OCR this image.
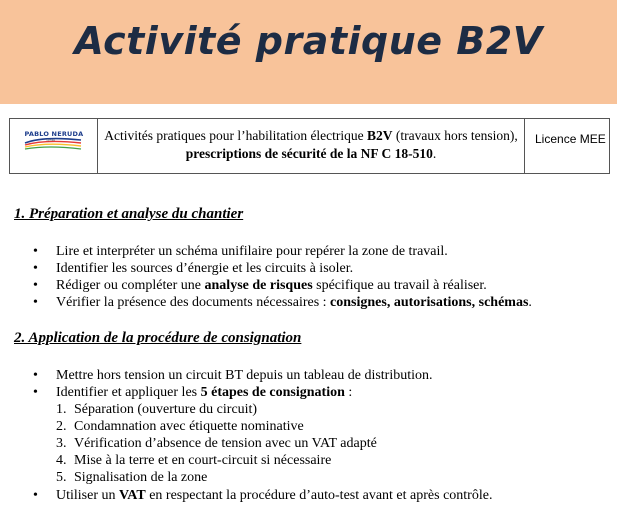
Activité pratique B2V
PABLO NERUDA
Lycée	Activités pratiques pour l’habilitation électrique B2V (travaux hors tension), prescriptions de sécurité de la NF C 18-510.	Licence MEE
1. Préparation et analyse du chantier
• Lire et interpréter un schéma unifilaire pour repérer la zone de travail.
• Identifier les sources d’énergie et les circuits à isoler.
• Rédiger ou compléter une analyse de risques spécifique au travail à réaliser.
• Vérifier la présence des documents nécessaires : consignes, autorisations, schémas.
2. Application de la procédure de consignation
• Mettre hors tension un circuit BT depuis un tableau de distribution.
• Identifier et appliquer les 5 étapes de consignation :
1. Séparation (ouverture du circuit)
2. Condamnation avec étiquette nominative
3. Vérification d’absence de tension avec un VAT adapté
4. Mise à la terre et en court-circuit si nécessaire
5. Signalisation de la zone
• Utiliser un VAT en respectant la procédure d’auto-test avant et après contrôle.
